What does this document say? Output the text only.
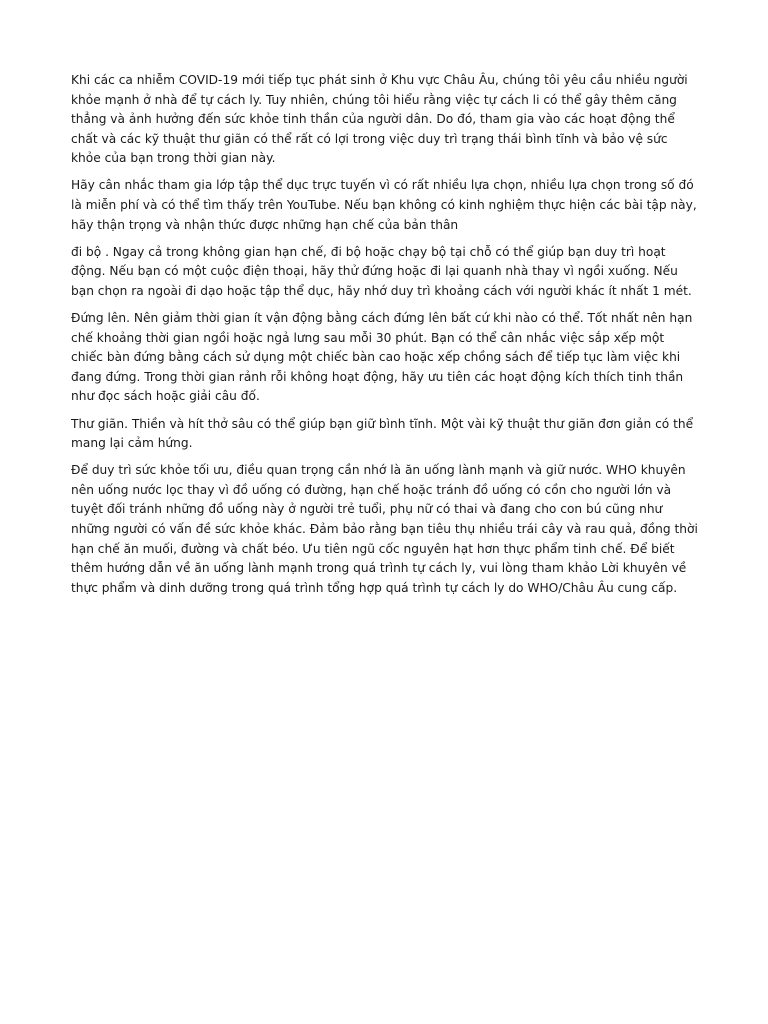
Khi các ca nhiễm COVID-19 mới tiếp tục phát sinh ở Khu vực Châu Âu, chúng tôi yêu cầu nhiều người khỏe mạnh ở nhà để tự cách ly. Tuy nhiên, chúng tôi hiểu rằng việc tự cách li có thể gây thêm căng thẳng và ảnh hưởng đến sức khỏe tinh thần của người dân. Do đó, tham gia vào các hoạt động thể chất và các kỹ thuật thư giãn có thể rất có lợi trong việc duy trì trạng thái bình tĩnh và bảo vệ sức khỏe của bạn trong thời gian này.

Hãy cân nhắc tham gia lớp tập thể dục trực tuyến vì có rất nhiều lựa chọn, nhiều lựa chọn trong số đó là miễn phí và có thể tìm thấy trên YouTube. Nếu bạn không có kinh nghiệm thực hiện các bài tập này, hãy thận trọng và nhận thức được những hạn chế của bản thân

đi bộ . Ngay cả trong không gian hạn chế, đi bộ hoặc chạy bộ tại chỗ có thể giúp bạn duy trì hoạt động. Nếu bạn có một cuộc điện thoại, hãy thử đứng hoặc đi lại quanh nhà thay vì ngồi xuống. Nếu bạn chọn ra ngoài đi dạo hoặc tập thể dục, hãy nhớ duy trì khoảng cách với người khác ít nhất 1 mét.

Đứng lên. Nên giảm thời gian ít vận động bằng cách đứng lên bất cứ khi nào có thể. Tốt nhất nên hạn chế khoảng thời gian ngồi hoặc ngả lưng sau mỗi 30 phút. Bạn có thể cân nhắc việc sắp xếp một chiếc bàn đứng bằng cách sử dụng một chiếc bàn cao hoặc xếp chồng sách để tiếp tục làm việc khi đang đứng. Trong thời gian rảnh rỗi không hoạt động, hãy ưu tiên các hoạt động kích thích tinh thần như đọc sách hoặc giải câu đố.

Thư giãn. Thiền và hít thở sâu có thể giúp bạn giữ bình tĩnh. Một vài kỹ thuật thư giãn đơn giản có thể mang lại cảm hứng.

Để duy trì sức khỏe tối ưu, điều quan trọng cần nhớ là ăn uống lành mạnh và giữ nước. WHO khuyên nên uống nước lọc thay vì đồ uống có đường, hạn chế hoặc tránh đồ uống có cồn cho người lớn và tuyệt đối tránh những đồ uống này ở người trẻ tuổi, phụ nữ có thai và đang cho con bú cũng như những người có vấn đề sức khỏe khác. Đảm bảo rằng bạn tiêu thụ nhiều trái cây và rau quả, đồng thời hạn chế ăn muối, đường và chất béo. Ưu tiên ngũ cốc nguyên hạt hơn thực phẩm tinh chế. Để biết thêm hướng dẫn về ăn uống lành mạnh trong quá trình tự cách ly, vui lòng tham khảo Lời khuyên về thực phẩm và dinh dưỡng trong quá trình tổng hợp quá trình tự cách ly do WHO/Châu Âu cung cấp.
